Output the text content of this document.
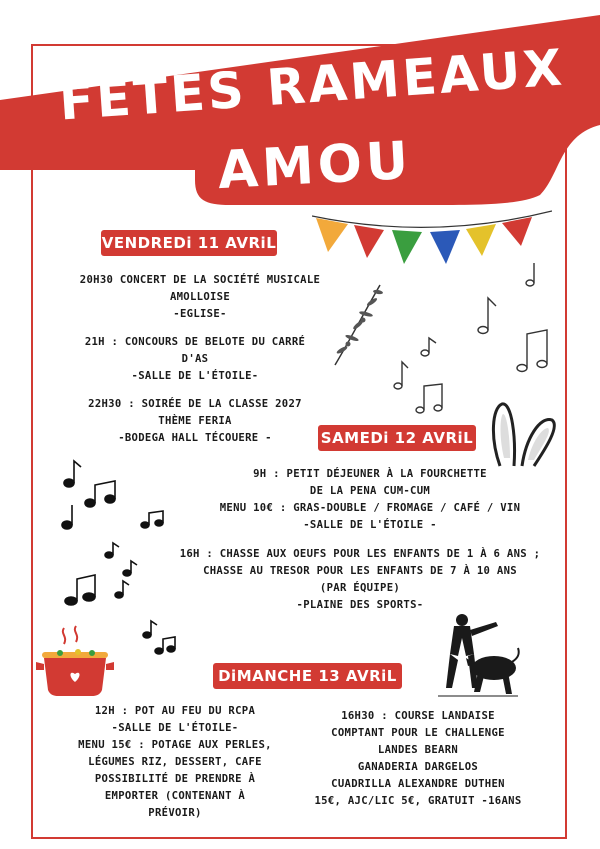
FETES RAMEAUX
AMOU
VENDREDi 11 AVRiL
20H30 CONCERT DE LA SOCIÉTÉ MUSICALE
AMOLLOISE
-EGLISE-
21H : CONCOURS DE BELOTE DU CARRÉ
D'AS
-SALLE DE L'ÉTOILE-
22H30 : SOIRÉE DE LA CLASSE 2027
THÈME FERIA
-BODEGA HALL TÉCOUERE -	SAMEDi 12 AVRiL
9H : PETIT DÉJEUNER À LA FOURCHETTE
DE LA PENA CUM-CUM
MENU 10€ : GRAS-DOUBLE / FROMAGE / CAFÉ / VIN
-SALLE DE L'ÉTOILE -
16H : CHASSE AUX OEUFS POUR LES ENFANTS DE 1 À 6 ANS ;
CHASSE AU TRESOR POUR LES ENFANTS DE 7 À 10 ANS
(PAR ÉQUIPE)
-PLAINE DES SPORTS-
DiMANCHE 13 AVRiL
12H : POT AU FEU DU RCPA
-SALLE DE L'ÉTOILE-
MENU 15€ : POTAGE AUX PERLES,
LÉGUMES RIZ, DESSERT, CAFE
POSSIBILITÉ DE PRENDRE À
EMPORTER (CONTENANT À
PRÉVOIR)
16H30 : COURSE LANDAISE
COMPTANT POUR LE CHALLENGE
LANDES BEARN
GANADERIA DARGELOS
CUADRILLA ALEXANDRE DUTHEN
15€, AJC/LIC 5€, GRATUIT -16ANS
